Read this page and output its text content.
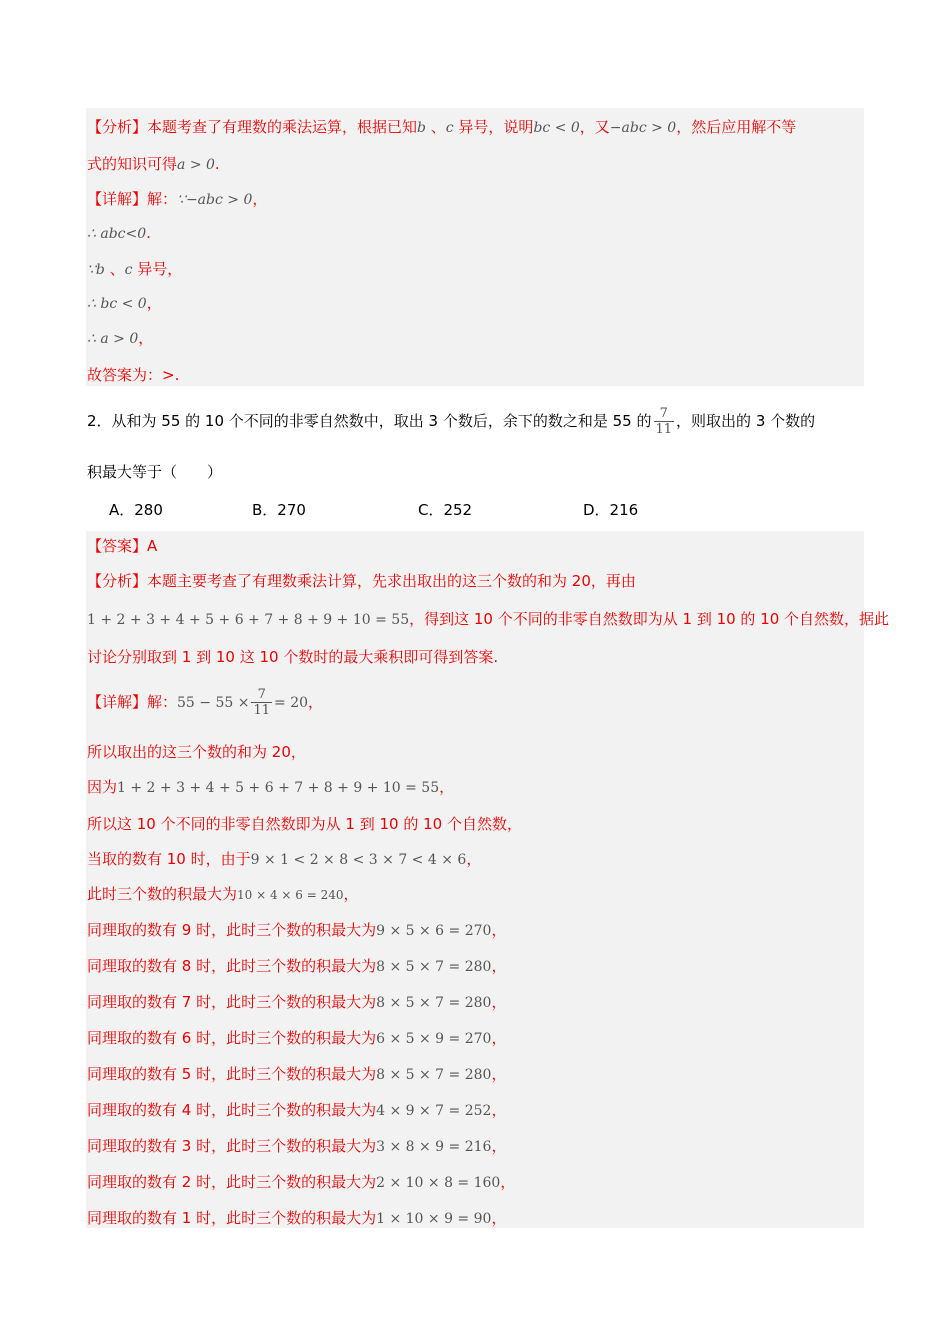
【分析】本题考查了有理数的乘法运算，根据已知b 、c 异号，说明bc < 0，又−abc > 0，然后应用解不等
式的知识可得a > 0.
【详解】解：∵−abc > 0，
∴ abc<0.
∵b 、c 异号，
∴ bc < 0，
∴ a > 0，
故答案为：>.
2．从和为 55 的 10 个不同的非零自然数中，取出 3 个数后，余下的数之和是 55 的 $\frac{7}{11}$ ，则取出的 3 个数的
积最大等于（　　）
A．280	B．270	C．252	D．216
【答案】A
【分析】本题主要考查了有理数乘法计算，先求出取出的这三个数的和为 20，再由
1 + 2 + 3 + 4 + 5 + 6 + 7 + 8 + 9 + 10 = 55，得到这 10 个不同的非零自然数即为从 1 到 10 的 10 个自然数，据此
讨论分别取到 1 到 10 这 10 个数时的最大乘积即可得到答案.
【详解】解：$55 - 55 \times \frac{7}{11} = 20$，
所以取出的这三个数的和为 20，
因为1 + 2 + 3 + 4 + 5 + 6 + 7 + 8 + 9 + 10 = 55，
所以这 10 个不同的非零自然数即为从 1 到 10 的 10 个自然数，
当取的数有 10 时，由于9 × 1 < 2 × 8 < 3 × 7 < 4 × 6，
此时三个数的积最大为10 × 4 × 6 = 240，
同理取的数有 9 时，此时三个数的积最大为9 × 5 × 6 = 270，
同理取的数有 8 时，此时三个数的积最大为8 × 5 × 7 = 280，
同理取的数有 7 时，此时三个数的积最大为8 × 5 × 7 = 280，
同理取的数有 6 时，此时三个数的积最大为6 × 5 × 9 = 270，
同理取的数有 5 时，此时三个数的积最大为8 × 5 × 7 = 280，
同理取的数有 4 时，此时三个数的积最大为4 × 9 × 7 = 252，
同理取的数有 3 时，此时三个数的积最大为3 × 8 × 9 = 216，
同理取的数有 2 时，此时三个数的积最大为2 × 10 × 8 = 160，
同理取的数有 1 时，此时三个数的积最大为1 × 10 × 9 = 90，
